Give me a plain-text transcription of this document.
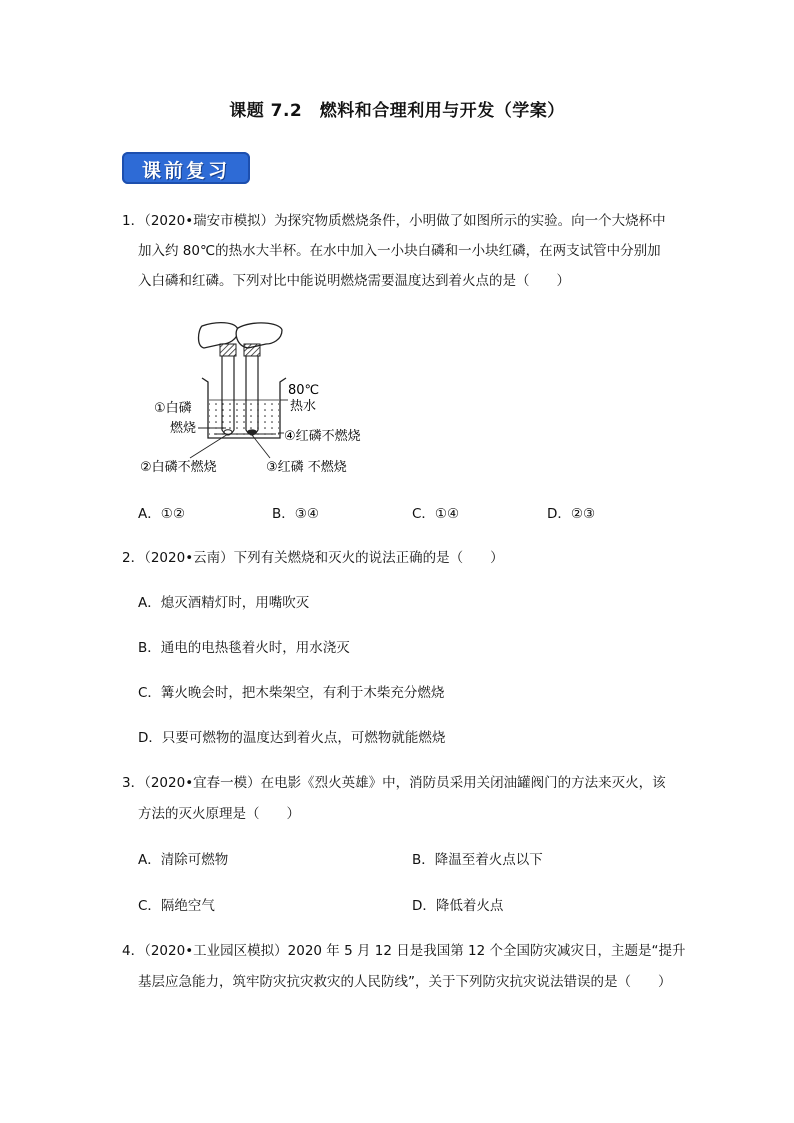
课题 7.2　燃料和合理利用与开发（学案）
课前复习

1．（2020•瑞安市模拟）为探究物质燃烧条件，小明做了如图所示的实验。向一个大烧杯中

加入约 80℃的热水大半杯。在水中加入一小块白磷和一小块红磷，在两支试管中分别加

入白磷和红磷。下列对比中能说明燃烧需要温度达到着火点的是（　　）

80℃
热水
①白磷
燃烧
④红磷不燃烧
②白磷不燃烧	③红磷 不燃烧
A．①②	B．③④	C．①④	D．②③
2．（2020•云南）下列有关燃烧和灭火的说法正确的是（　　）
A．熄灭酒精灯时，用嘴吹灭
B．通电的电热毯着火时，用水浇灭
C．篝火晚会时，把木柴架空，有利于木柴充分燃烧
D．只要可燃物的温度达到着火点，可燃物就能燃烧
3．（2020•宜春一模）在电影《烈火英雄》中，消防员采用关闭油罐阀门的方法来灭火，该
方法的灭火原理是（　　）
A．清除可燃物	B．降温至着火点以下
C．隔绝空气	D．降低着火点
4．（2020•工业园区模拟）2020 年 5 月 12 日是我国第 12 个全国防灾减灾日，主题是“提升
基层应急能力，筑牢防灾抗灾救灾的人民防线”，关于下列防灾抗灾说法错误的是（　　）
